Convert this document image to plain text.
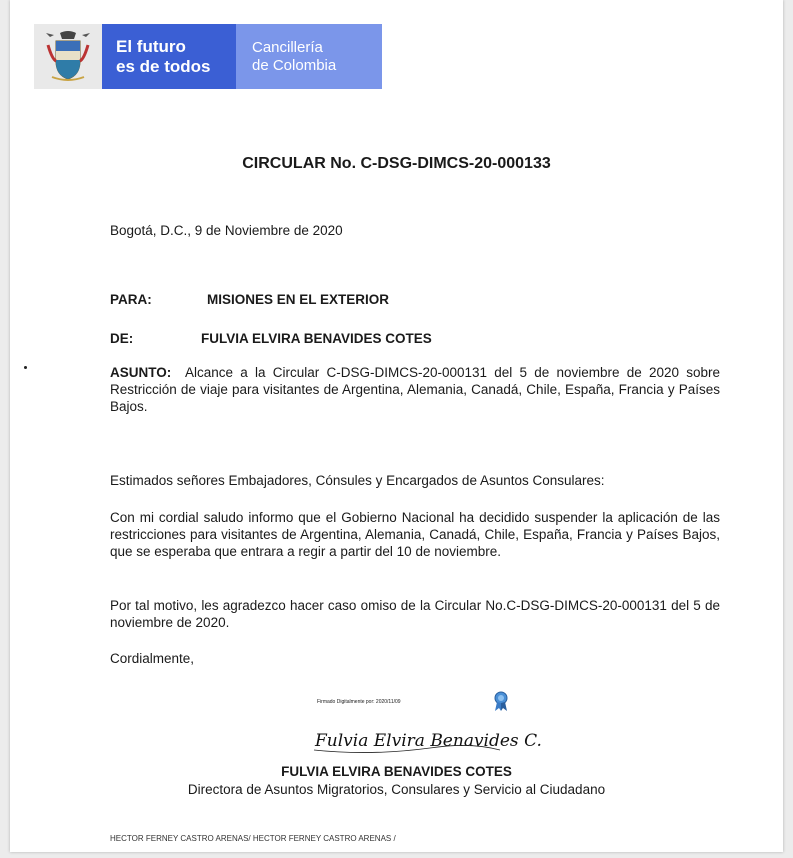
El futuro
es de todos
Cancillería
de Colombia
CIRCULAR No. C-DSG-DIMCS-20-000133
Bogotá, D.C., 9 de Noviembre de 2020
PARA:	MISIONES EN EL EXTERIOR
DE:	FULVIA ELVIRA BENAVIDES COTES
ASUNTO: Alcance a la Circular C-DSG-DIMCS-20-000131 del 5 de noviembre de 2020 sobre Restricción de viaje para visitantes de Argentina, Alemania, Canadá, Chile, España, Francia y Países Bajos.
Estimados señores Embajadores, Cónsules y Encargados de Asuntos Consulares:
Con mi cordial saludo informo que el Gobierno Nacional ha decidido suspender la aplicación de las restricciones para visitantes de Argentina, Alemania, Canadá, Chile, España, Francia y Países Bajos, que se esperaba que entrara a regir a partir del 10 de noviembre.
Por tal motivo, les agradezco hacer caso omiso de la Circular No.C-DSG-DIMCS-20-000131 del 5 de noviembre de 2020.
Cordialmente,
Firmado Digitalmente por: 2020/11/09
Fulvia Elvira Benavides C.
FULVIA ELVIRA BENAVIDES COTES
Directora de Asuntos Migratorios, Consulares y Servicio al Ciudadano
HECTOR FERNEY CASTRO ARENAS/ HECTOR FERNEY CASTRO ARENAS /
